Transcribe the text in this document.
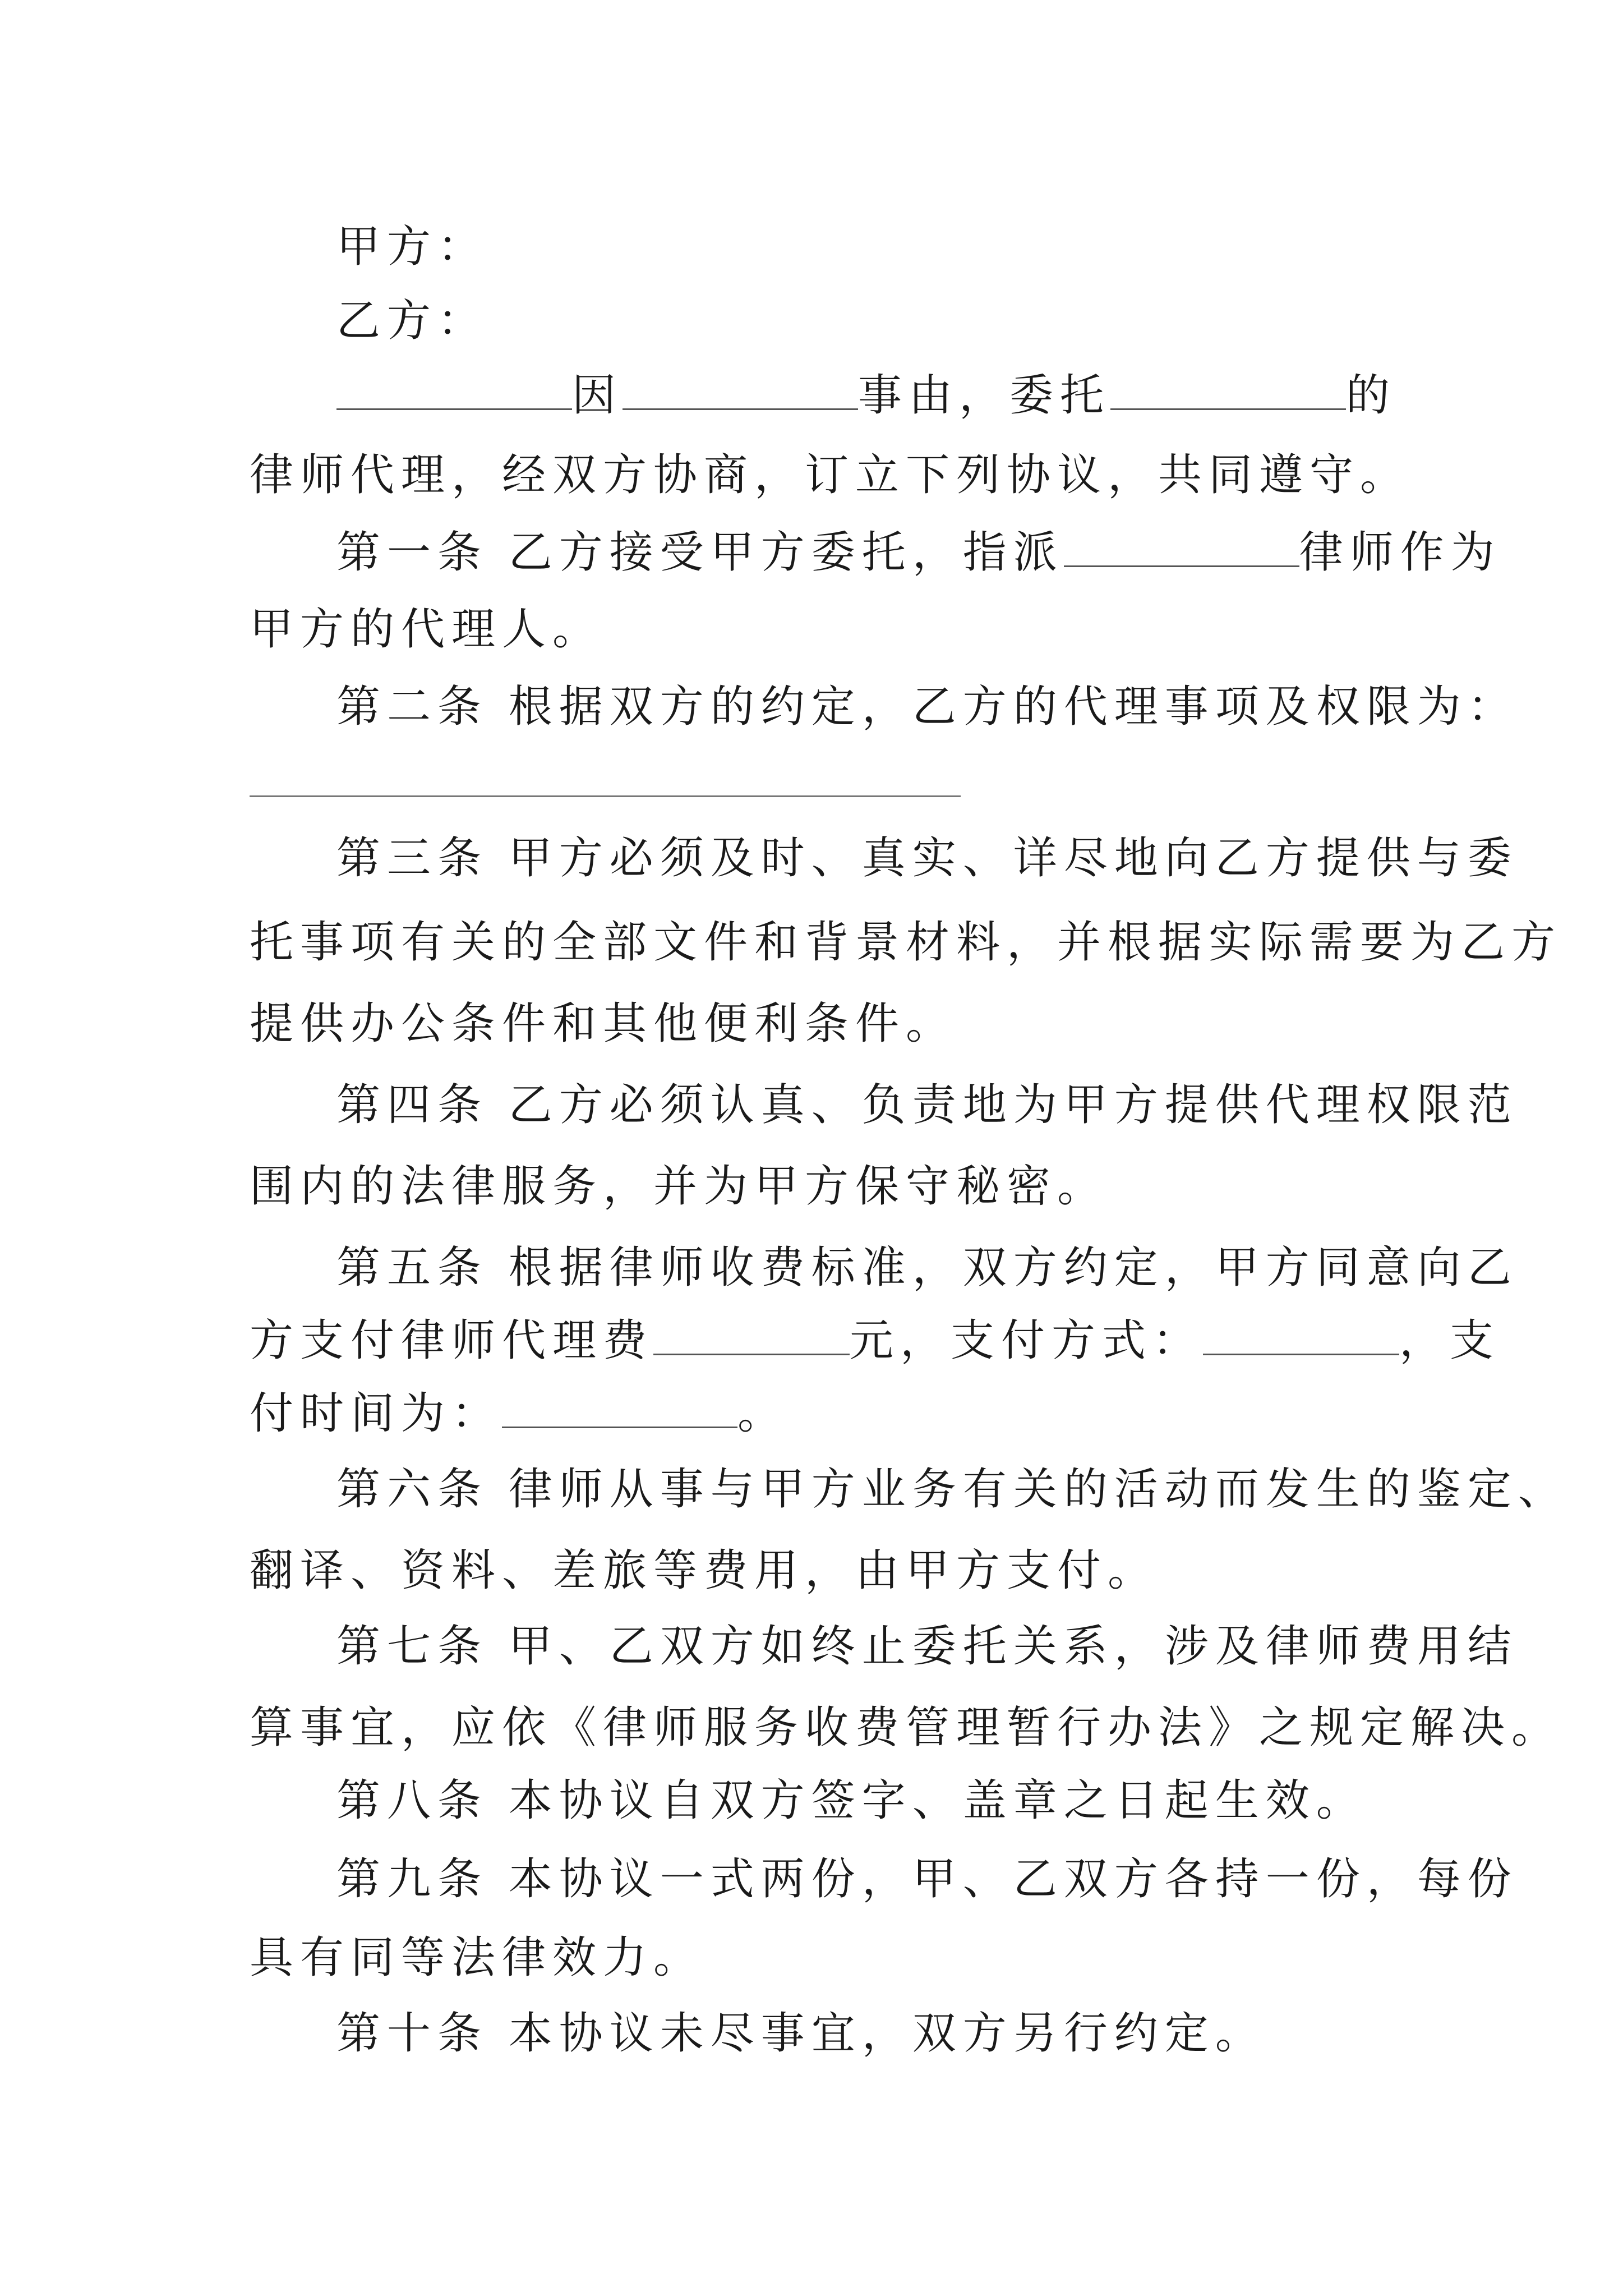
甲方：
乙方：
因	事由，委托	的
律师代理，经双方协商，订立下列协议，共同遵守。
第一条 乙方接受甲方委托，指派	律师作为
甲方的代理人。
第二条 根据双方的约定，乙方的代理事项及权限为：
第三条 甲方必须及时、真实、详尽地向乙方提供与委
托事项有关的全部文件和背景材料，并根据实际需要为乙方
提供办公条件和其他便利条件。
第四条 乙方必须认真、负责地为甲方提供代理权限范
围内的法律服务，并为甲方保守秘密。
第五条 根据律师收费标准，双方约定，甲方同意向乙
方支付律师代理费	元，支付方式：	，支
付时间为：	。
第六条 律师从事与甲方业务有关的活动而发生的鉴定、
翻译、资料、差旅等费用，由甲方支付。
第七条 甲、乙双方如终止委托关系，涉及律师费用结
算事宜，应依《律师服务收费管理暂行办法》之规定解决。
第八条 本协议自双方签字、盖章之日起生效。
第九条 本协议一式两份，甲、乙双方各持一份，每份
具有同等法律效力。
第十条 本协议未尽事宜，双方另行约定。
